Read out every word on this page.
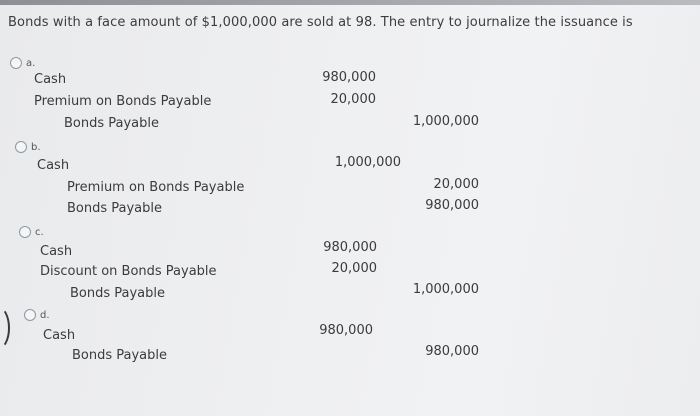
Bonds with a face amount of $1,000,000 are sold at 98. The entry to journalize the issuance is
a.
Cash	980,000
Premium on Bonds Payable	20,000
Bonds Payable	1,000,000
b.
Cash	1,000,000
Premium on Bonds Payable	20,000
Bonds Payable	980,000
c.
Cash	980,000
Discount on Bonds Payable	20,000
Bonds Payable	1,000,000
d.
Cash	980,000
Bonds Payable	980,000
